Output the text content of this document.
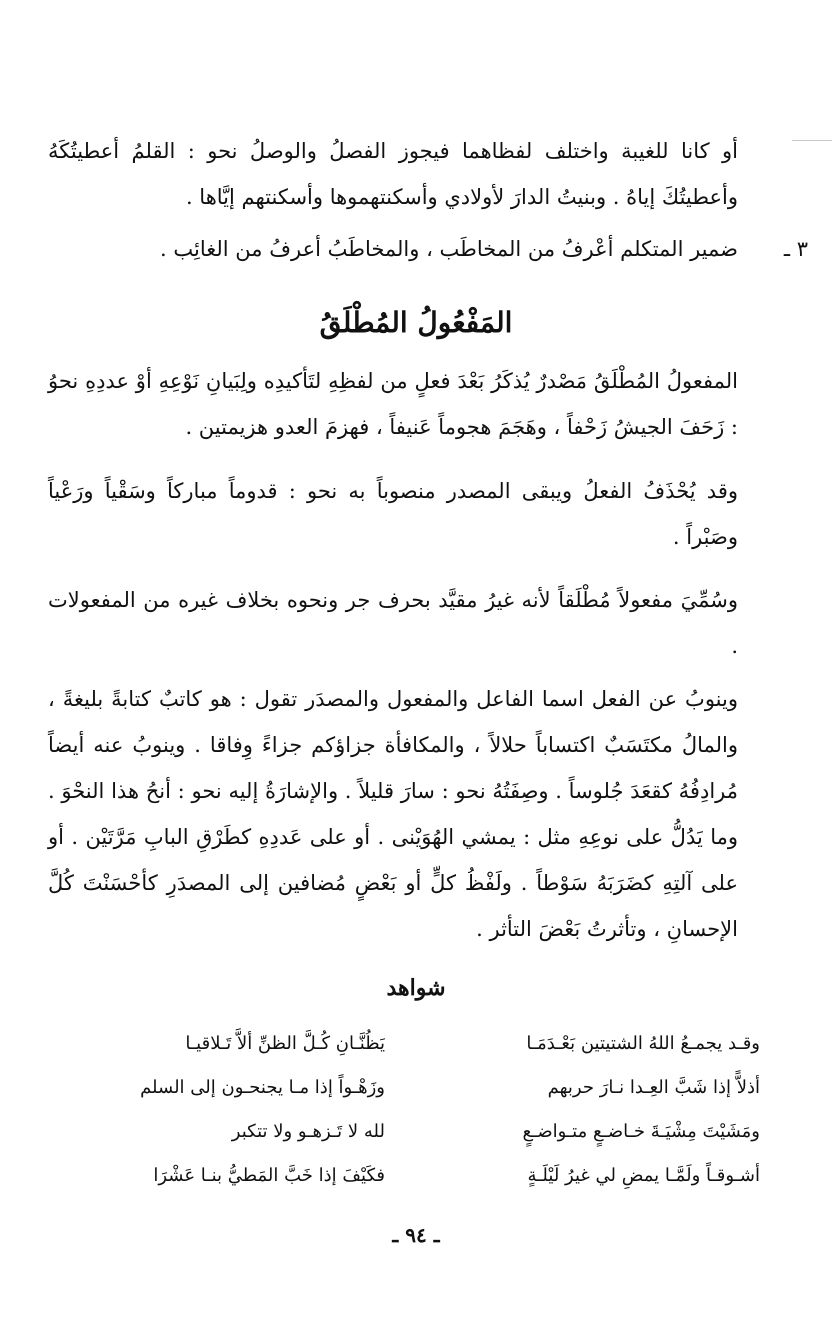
أو كانا للغيبة واختلف لفظاهما فيجوز الفصلُ والوصلُ نحو : القلمُ أعطيتُكَهُ وأعطيتُكَ إياهُ . وبنيتُ الدارَ لأولادي وأسكنتهموها وأسكنتهم إيَّاها .
٣ ـ
ضمير المتكلم أعْرفُ من المخاطَب ، والمخاطَبُ أعرفُ من الغائِب .
المَفْعُولُ المُطْلَقُ
المفعولُ المُطْلَقُ مَصْدرٌ يُذكَرُ بَعْدَ فعلٍ من لفظِهِ لتَأكيدِه ولِبَيانِ نَوْعِهِ أوْ عددِهِ نحوُ : زَحَفَ الجيشُ زَحْفاً ، وهَجَمَ هجوماً عَنيفاً ، فهزمَ العدو هزيمتين .
وقد يُحْذَفُ الفعلُ ويبقى المصدر منصوباً به نحو : قدوماً مباركاً وسَقْياً ورَعْياً وصَبْراً .
وسُمِّيَ مفعولاً مُطْلَقاً لأنه غيرُ مقيَّد بحرف جر ونحوه بخلاف غيره من المفعولات .
وينوبُ عن الفعل اسما الفاعل والمفعول والمصدَر تقول : هو كاتبٌ كتابةً بليغةً ، والمالُ مكتَسَبٌ اكتساباً حلالاً ، والمكافأة جزاؤكم جزاءً وِفاقا . وينوبُ عنه أيضاً مُرادِفُهُ كقعَدَ جُلوساً . وصِفَتُهُ نحو : سارَ قليلاً . والإشارَةُ إليه نحو : أنحُ هذا النحْوَ . وما يَدُلُّ على نوعِهِ مثل : يمشي الهُوَيْنى . أو على عَددِهِ كطَرْقِ البابِ مَرَّتَيْن . أو على آلتِهِ كضَرَبَهُ سَوْطاً . ولَفْظُ كلٍّ أو بَعْضٍ مُضافين إلى المصدَرِ كأحْسَنْتَ كُلَّ الإحسانِ ، وتأثرتُ بَعْضَ التأثر .
شواهد
وقـد يجمـعُ اللهُ الشتيتين بَعْـدَمَـا
يَظُنَّـانِ كُـلَّ الظنِّ ألاَّ تَـلاقيـا
أذلاًّ إذا شَبَّ العِـدا نـارَ حربهم
وزَهْـواً إذا مـا يجنحـون إلى السلم
ومَشَيْتَ مِشْيَـةَ خـاضـعٍ متـواضـعٍ
لله لا تَـزهـو ولا تتكبر
أشـوقـاً ولَمَّـا يمضِ لي غيرُ لَيْلَـةٍ
فكَيْفَ إذا خَبَّ المَطيُّ بنـا عَشْرَا
ـ ٩٤ ـ
